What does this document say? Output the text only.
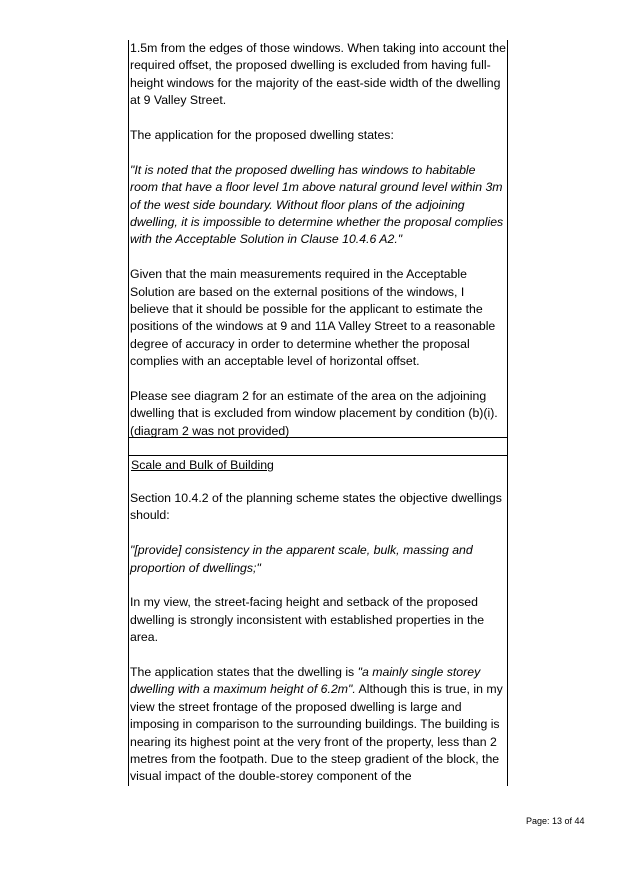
1.5m from the edges of those windows. When taking into account the required offset, the proposed dwelling is excluded from having full-height windows for the majority of the east-side width of the dwelling at 9 Valley Street.

The application for the proposed dwelling states:

"It is noted that the proposed dwelling has windows to habitable room that have a floor level 1m above natural ground level within 3m of the west side boundary. Without floor plans of the adjoining dwelling, it is impossible to determine whether the proposal complies with the Acceptable Solution in Clause 10.4.6 A2."

Given that the main measurements required in the Acceptable Solution are based on the external positions of the windows, I believe that it should be possible for the applicant to estimate the positions of the windows at 9 and 11A Valley Street to a reasonable degree of accuracy in order to determine whether the proposal complies with an acceptable level of horizontal offset.

Please see diagram 2 for an estimate of the area on the adjoining dwelling that is excluded from window placement by condition (b)(i). (diagram 2 was not provided)

Scale and Bulk of Building

Section 10.4.2 of the planning scheme states the objective dwellings should:

"[provide] consistency in the apparent scale, bulk, massing and proportion of dwellings;"

In my view, the street-facing height and setback of the proposed dwelling is strongly inconsistent with established properties in the area.

The application states that the dwelling is "a mainly single storey dwelling with a maximum height of 6.2m". Although this is true, in my view the street frontage of the proposed dwelling is large and imposing in comparison to the surrounding buildings. The building is nearing its highest point at the very front of the property, less than 2 metres from the footpath. Due to the steep gradient of the block, the visual impact of the double-storey component of the

Page: 13 of 44
